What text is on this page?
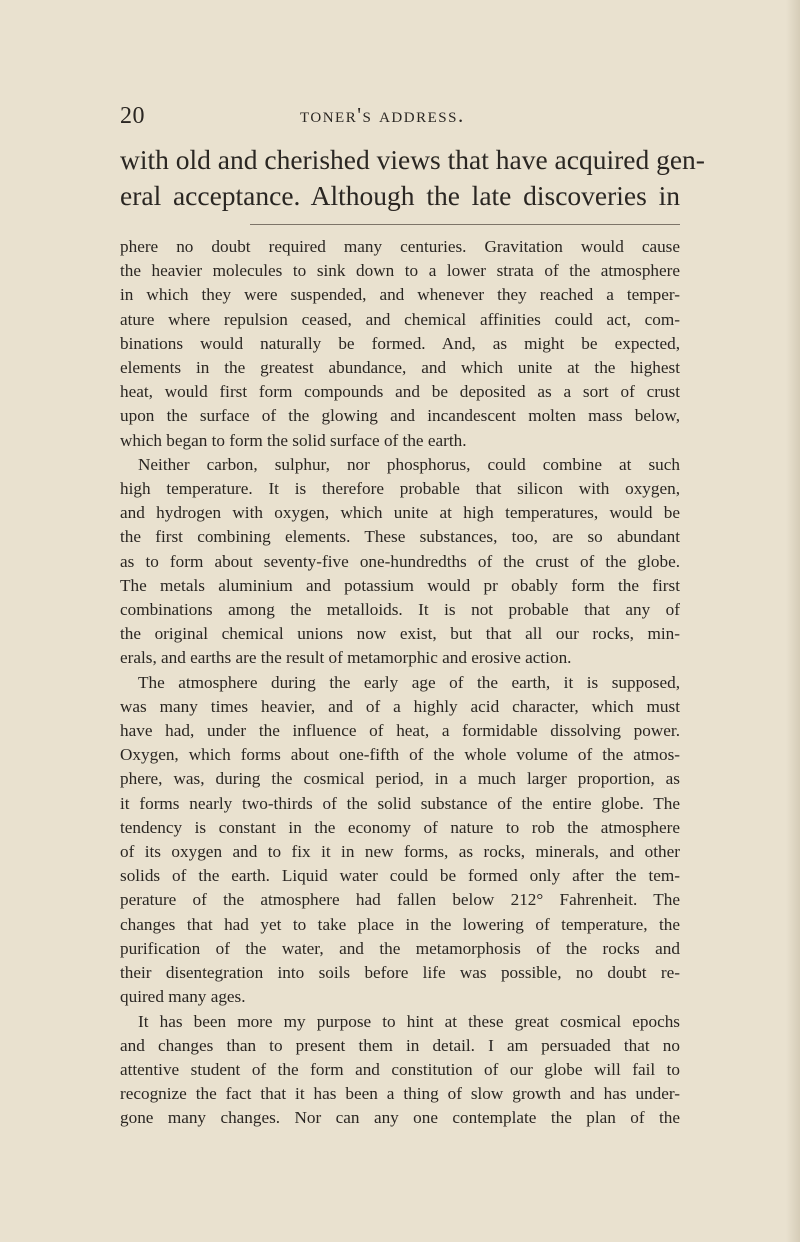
20	toner's address.
with old and cherished views that have acquired gen-
eral acceptance. Although the late discoveries in
phere no doubt required many centuries. Gravitation would cause
the heavier molecules to sink down to a lower strata of the atmosphere
in which they were suspended, and whenever they reached a temper-
ature where repulsion ceased, and chemical affinities could act, com-
binations would naturally be formed. And, as might be expected,
elements in the greatest abundance, and which unite at the highest
heat, would first form compounds and be deposited as a sort of crust
upon the surface of the glowing and incandescent molten mass below,
which began to form the solid surface of the earth.
Neither carbon, sulphur, nor phosphorus, could combine at such
high temperature. It is therefore probable that silicon with oxygen,
and hydrogen with oxygen, which unite at high temperatures, would be
the first combining elements. These substances, too, are so abundant
as to form about seventy-five one-hundredths of the crust of the globe.
The metals aluminium and potassium would pr obably form the first
combinations among the metalloids. It is not probable that any of
the original chemical unions now exist, but that all our rocks, min-
erals, and earths are the result of metamorphic and erosive action.
The atmosphere during the early age of the earth, it is supposed,
was many times heavier, and of a highly acid character, which must
have had, under the influence of heat, a formidable dissolving power.
Oxygen, which forms about one-fifth of the whole volume of the atmos-
phere, was, during the cosmical period, in a much larger proportion, as
it forms nearly two-thirds of the solid substance of the entire globe. The
tendency is constant in the economy of nature to rob the atmosphere
of its oxygen and to fix it in new forms, as rocks, minerals, and other
solids of the earth. Liquid water could be formed only after the tem-
perature of the atmosphere had fallen below 212° Fahrenheit. The
changes that had yet to take place in the lowering of temperature, the
purification of the water, and the metamorphosis of the rocks and
their disentegration into soils before life was possible, no doubt re-
quired many ages.
It has been more my purpose to hint at these great cosmical epochs
and changes than to present them in detail. I am persuaded that no
attentive student of the form and constitution of our globe will fail to
recognize the fact that it has been a thing of slow growth and has under-
gone many changes. Nor can any one contemplate the plan of the
